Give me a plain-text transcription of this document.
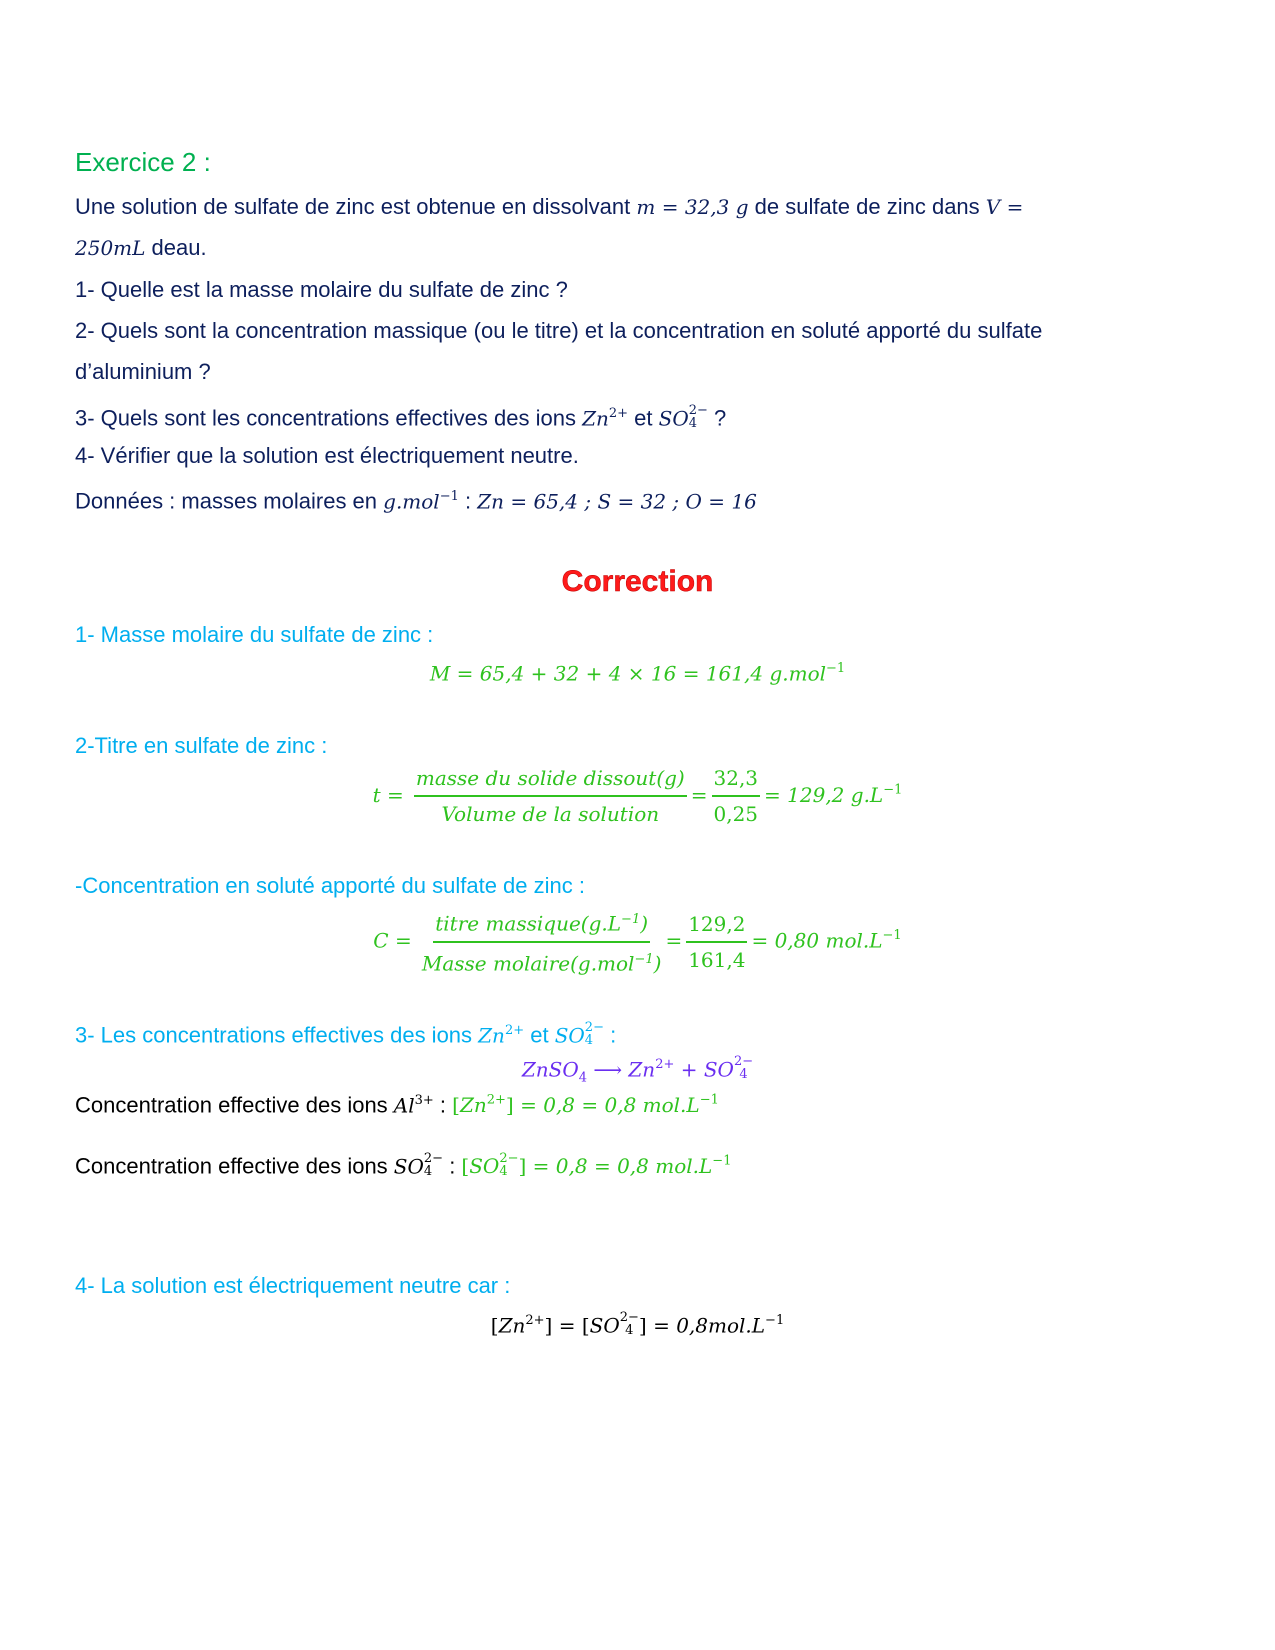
Exercice 2 :
Une solution de sulfate de zinc est obtenue en dissolvant m = 32,3 g de sulfate de zinc dans V =
250mL deau.
1- Quelle est la masse molaire du sulfate de zinc ?
2- Quels sont la concentration massique (ou le titre) et la concentration en soluté apporté du sulfate
d’aluminium ?
3- Quels sont les concentrations effectives des ions $Zn^{2+}$ et SO 2−
4 ?
4- Vérifier que la solution est électriquement neutre.
Données : masses molaires en g.mol$^{-1}$ : Zn = 65,4 ; S = 32 ; O = 16
Correction
1- Masse molaire du sulfate de zinc :
M = 65,4 + 32 + 4 × 16 = 161,4 g.mol$^{-1}$
2-Titre en sulfate de zinc :
$t = \frac{\text{masse du solide dissout(g)}}{\text{Volume de la solution}} = \frac{32,3}{0,25} = 129,2$ $g.L^{-1}$
-Concentration en soluté apporté du sulfate de zinc :
$C = \frac{titre massique(g.L^{-1})}{Masse molaire(g.mol^{-1})} = \frac{129,2}{161,4} = 0,80$ $mol.L^{-1}$
3- Les concentrations effectives des ions $Zn^{2+}$ et SO 2−
4 :
ZnSO$_4$ ⟶ $Zn^{2+}$ + SO 2−
4
Concentration effective des ions $Al^{3+}$ : $[Zn^{2+}] = 0,8 = 0,8$ $mol.L^{-1}$
Concentration effective des ions SO 2−
4 : [SO 2−
4 ] = 0,8 = 0,8 $mol.L^{-1}$
4- La solution est électriquement neutre car :
$[Zn^{2+}] = [SO$ 2−
4 ] = $0,8mol.L^{-1}$
